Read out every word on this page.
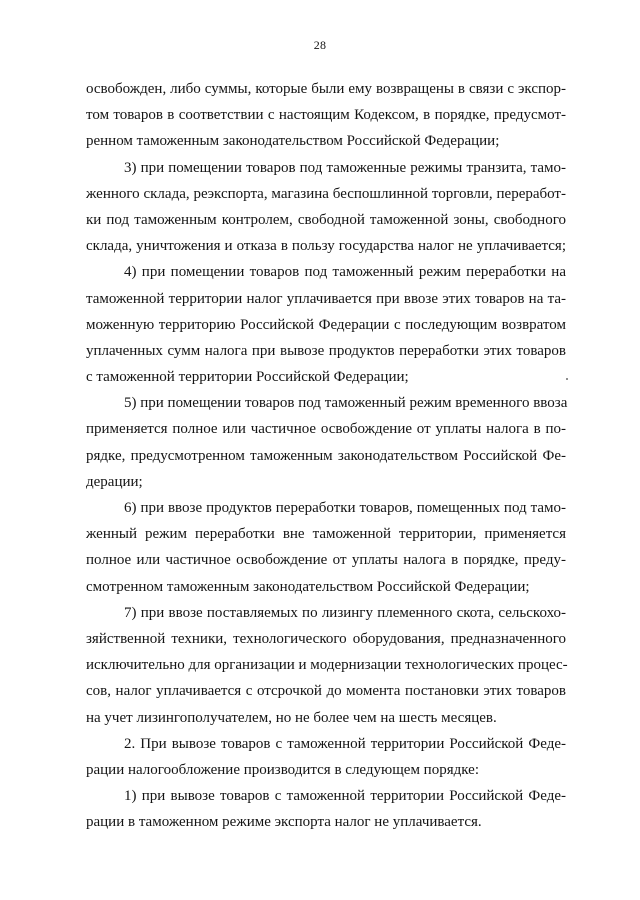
28
освобожден, либо суммы, которые были ему возвращены в связи с экспор-
том товаров в соответствии с настоящим Кодексом, в порядке, предусмот-
ренном таможенным законодательством Российской Федерации;
3) при помещении товаров под таможенные режимы транзита, тамо-
женного склада, реэкспорта, магазина беспошлинной торговли, переработ-
ки под таможенным контролем, свободной таможенной зоны, свободного
склада, уничтожения и отказа в пользу государства налог не уплачивается;
4) при помещении товаров под таможенный режим переработки на
таможенной территории налог уплачивается при ввозе этих товаров на та-
моженную территорию Российской Федерации с последующим возвратом
уплаченных сумм налога при вывозе продуктов переработки этих товаров
с таможенной территории Российской Федерации;
5) при помещении товаров под таможенный режим временного ввоза
применяется полное или частичное освобождение от уплаты налога в по-
рядке, предусмотренном таможенным законодательством Российской Фе-
дерации;
6) при ввозе продуктов переработки товаров, помещенных под тамо-
женный режим переработки вне таможенной территории, применяется
полное или частичное освобождение от уплаты налога в порядке, преду-
смотренном таможенным законодательством Российской Федерации;
7) при ввозе поставляемых по лизингу племенного скота, сельскохо-
зяйственной техники, технологического оборудования, предназначенного
исключительно для организации и модернизации технологических процес-
сов, налог уплачивается с отсрочкой до момента постановки этих товаров
на учет лизингополучателем, но не более чем на шесть месяцев.
2. При вывозе товаров с таможенной территории Российской Феде-
рации налогообложение производится в следующем порядке:
1) при вывозе товаров с таможенной территории Российской Феде-
рации в таможенном режиме экспорта налог не уплачивается.
